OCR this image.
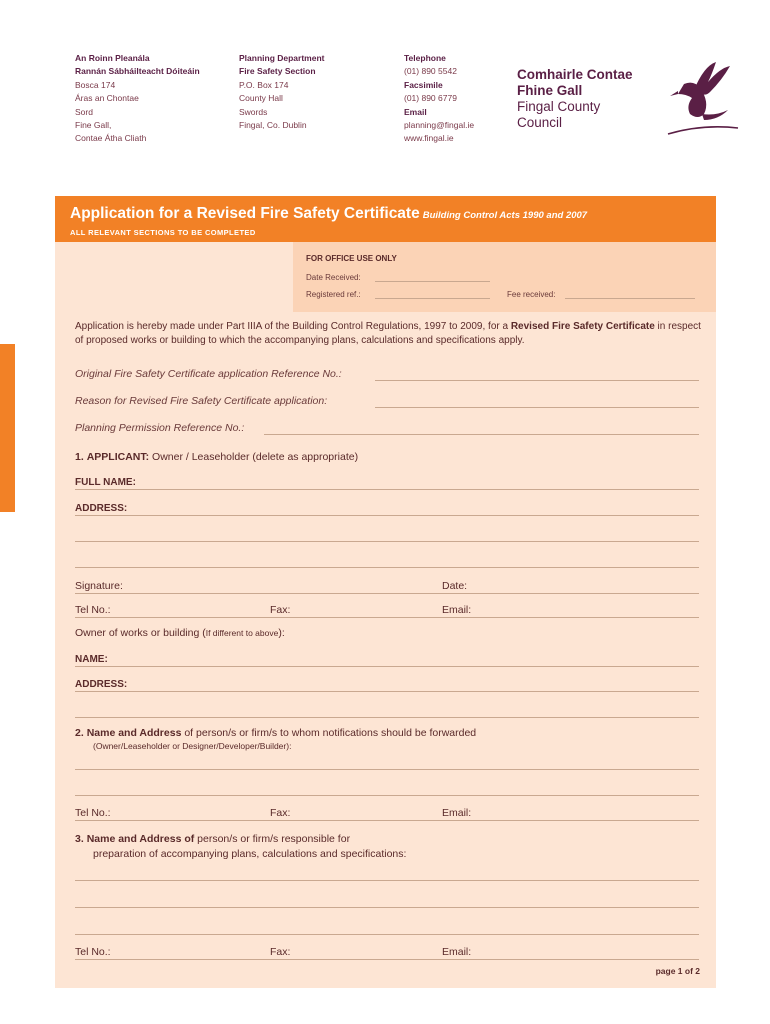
An Roinn Pleanála
Rannán Sábháilteacht Dóiteáin
Bosca 174
Áras an Chontae
Sord
Fine Gall,
Contae Átha Cliath
Planning Department
Fire Safety Section
P.O. Box 174
County Hall
Swords
Fingal, Co. Dublin
Telephone
(01) 890 5542
Facsimile
(01) 890 6779
Email
planning@fingal.ie
www.fingal.ie
Comhairle Contae
Fhine Gall
Fingal County
Council
Application for a Revised Fire Safety Certificate Building Control Acts 1990 and 2007
ALL RELEVANT SECTIONS TO BE COMPLETED
FOR OFFICE USE ONLY
Date Received:
Registered ref.:	Fee received:
Application is hereby made under Part IIIA of the Building Control Regulations, 1997 to 2009, for a Revised Fire Safety Certificate in respect of proposed works or building to which the accompanying plans, calculations and specifications apply.
Original Fire Safety Certificate application Reference No.:
Reason for Revised Fire Safety Certificate application:
Planning Permission Reference No.:
1. APPLICANT: Owner / Leaseholder (delete as appropriate)
FULL NAME:
ADDRESS:
Signature:	Date:
Tel No.:	Fax:	Email:
Owner of works or building (If different to above):
NAME:
ADDRESS:
2. Name and Address of person/s or firm/s to whom notifications should be forwarded
(Owner/Leaseholder or Designer/Developer/Builder):
Tel No.:	Fax:	Email:
3. Name and Address of person/s or firm/s responsible for
preparation of accompanying plans, calculations and specifications:
Tel No.:	Fax:	Email:
page 1 of 2
